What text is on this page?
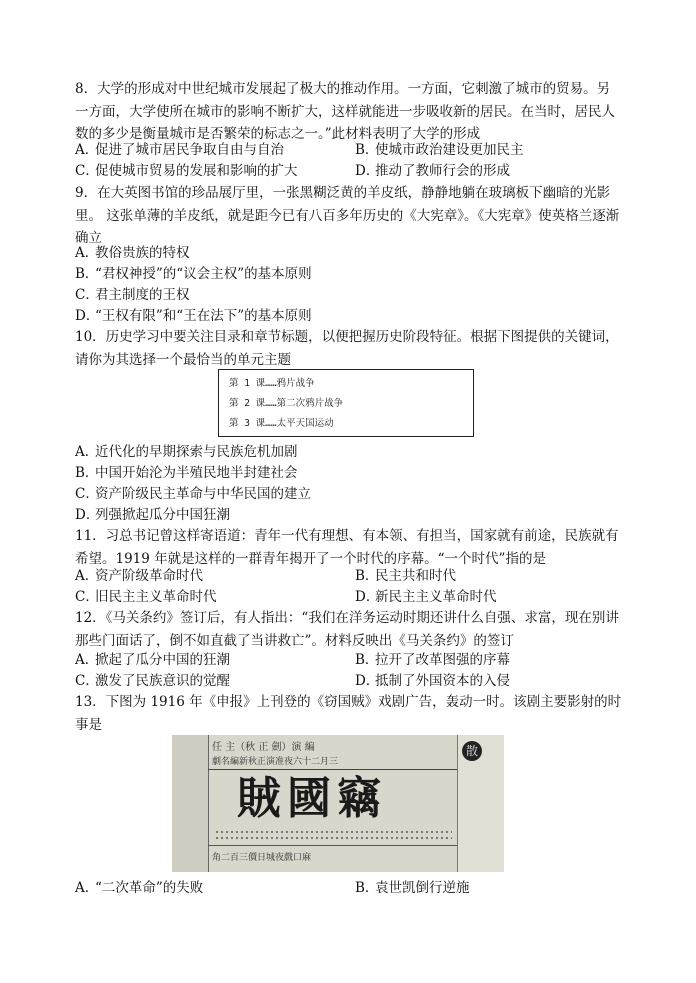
8．大学的形成对中世纪城市发展起了极大的推动作用。一方面，它刺激了城市的贸易。另一方面，大学使所在城市的影响不断扩大，这样就能进一步吸收新的居民。在当时，居民人数的多少是衡量城市是否繁荣的标志之一。”此材料表明了大学的形成
A．促进了城市居民争取自由与自治	B．使城市政治建设更加民主
C．促使城市贸易的发展和影响的扩大	D．推动了教师行会的形成
9．在大英图书馆的珍品展厅里，一张黑糊泛黄的羊皮纸，静静地躺在玻璃板下幽暗的光影里。 这张单薄的羊皮纸，就是距今已有八百多年历史的《大宪章》。《大宪章》使英格兰逐渐确立
A．教俗贵族的特权
B．“君权神授”的“议会主权”的基本原则
C．君主制度的王权
D．“王权有限”和“王在法下”的基本原则
10．历史学习中要关注目录和章节标题，以便把握历史阶段特征。根据下图提供的关键词，请你为其选择一个最恰当的单元主题
第 1 课……鸦片战争
第 2 课……第二次鸦片战争
第 3 课……太平天国运动
A．近代化的早期探索与民族危机加剧
B．中国开始沦为半殖民地半封建社会
C．资产阶级民主革命与中华民国的建立
D．列强掀起瓜分中国狂潮
11．习总书记曾这样寄语道：青年一代有理想、有本领、有担当，国家就有前途，民族就有希望。1919 年就是这样的一群青年揭开了一个时代的序幕。“一个时代”指的是
A．资产阶级革命时代	B．民主共和时代
C．旧民主主义革命时代	D．新民主主义革命时代
12．《马关条约》签订后，有人指出：“我们在洋务运动时期还讲什么自强、求富，现在别讲那些门面话了，倒不如直截了当讲救亡”。材料反映出《马关条约》的签订
A．掀起了瓜分中国的狂潮	B．拉开了改革图强的序幕
C．激发了民族意识的觉醒	D．抵制了外国资本的入侵
13．下图为 1916 年《申报》上刊登的《窃国贼》戏剧广告，轰动一时。该剧主要影射的时事是
任 主（秋 正 劍）演 編
劇名編新秋正演准夜六十二月三
賊國竊
角二百三價日城夜戲口麻
散
A．“二次革命”的失败	B．袁世凯倒行逆施
